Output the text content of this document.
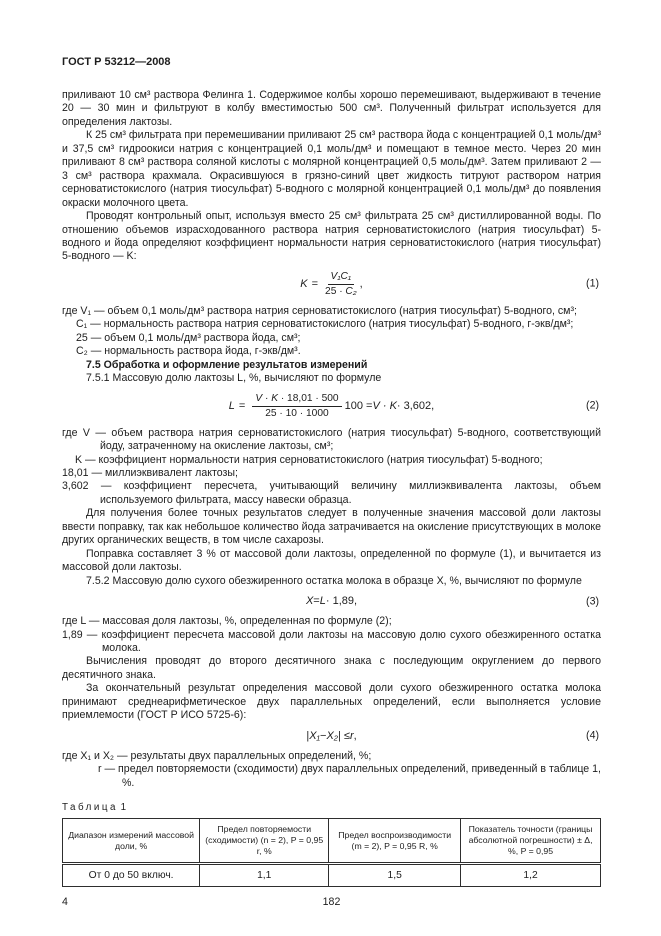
ГОСТ Р 53212—2008

приливают 10 см³ раствора Фелинга 1. Содержимое колбы хорошо перемешивают, выдерживают в течение 20 — 30 мин и фильтруют в колбу вместимостью 500 см³. Полученный фильтрат используется для определения лактозы.

К 25 см³ фильтрата при перемешивании приливают 25 см³ раствора йода с концентрацией 0,1 моль/дм³ и 37,5 см³ гидроокиси натрия с концентрацией 0,1 моль/дм³ и помещают в темное место. Через 20 мин приливают 8 см³ раствора соляной кислоты с молярной концентрацией 0,5 моль/дм³. Затем приливают 2 — 3 см³ раствора крахмала. Окрасившуюся в грязно-синий цвет жидкость титруют раствором натрия серноватистокислого (натрия тиосульфат) 5-водного с молярной концентрацией 0,1 моль/дм³ до появления окраски молочного цвета.

Проводят контрольный опыт, используя вместо 25 см³ фильтрата 25 см³ дистиллированной воды. По отношению объемов израсходованного раствора натрия серноватистокислого (натрия тиосульфат) 5-водного и йода определяют коэффициент нормальности натрия серноватистокислого (натрия тиосульфат) 5-водного — K:

$K = \frac{\text{V₁C₁}}{\text{25 · C₂}}$ ,	(1)
где V₁ — объем 0,1 моль/дм³ раствора натрия серноватистокислого (натрия тиосульфат) 5-водного, см³;
C₁ — нормальность раствора натрия серноватистокислого (натрия тиосульфат) 5-водного, г-экв/дм³;
25 — объем 0,1 моль/дм³ раствора йода, см³;
C₂ — нормальность раствора йода, г-экв/дм³.

7.5 Обработка и оформление результатов измерений

7.5.1 Массовую долю лактозы L, %, вычисляют по формуле

$L = \frac{V \cdot K \cdot 18,01 \cdot 500}{25 \cdot 10 \cdot 1000} 100 = V \cdot K \cdot 3,602$,	(2)
где V — объем раствора натрия серноватистокислого (натрия тиосульфат) 5-водного, соответствующий йоду, затраченному на окисление лактозы, см³;
K — коэффициент нормальности натрия серноватистокислого (натрия тиосульфат) 5-водного;
18,01 — миллиэквивалент лактозы;
3,602 — коэффициент пересчета, учитывающий величину миллиэквивалента лактозы, объем используемого фильтрата, массу навески образца.

Для получения более точных результатов следует в полученные значения массовой доли лактозы ввести поправку, так как небольшое количество йода затрачивается на окисление присутствующих в молоке других органических веществ, в том числе сахарозы.

Поправка составляет 3 % от массовой доли лактозы, определенной по формуле (1), и вычитается из массовой доли лактозы.

7.5.2 Массовую долю сухого обезжиренного остатка молока в образце X, %, вычисляют по формуле

X = L · 1,89,	(3)
где L — массовая доля лактозы, %, определенная по формуле (2);
1,89 — коэффициент пересчета массовой доли лактозы на массовую долю сухого обезжиренного остатка молока.

Вычисления проводят до второго десятичного знака с последующим округлением до первого десятичного знака.

За окончательный результат определения массовой доли сухого обезжиренного остатка молока принимают среднеарифметическое двух параллельных определений, если выполняется условие приемлемости (ГОСТ Р ИСО 5725-6):

| X₁ − X₂ | ≤ r ,	(4)
где X₁ и X₂ — результаты двух параллельных определений, %;
r — предел повторяемости (сходимости) двух параллельных определений, приведенный в таблице 1, %.
Таблица 1
Диапазон измерений массовой доли, %	Предел повторяемости (сходимости) (n = 2), P = 0,95 r, %	Предел воспроизводимости (m = 2), P = 0,95 R, %	Показатель точности (границы абсолютной погрешности) ± Δ, %, P = 0,95
От 0 до 50 включ.	1,1	1,5	1,2
4	182
